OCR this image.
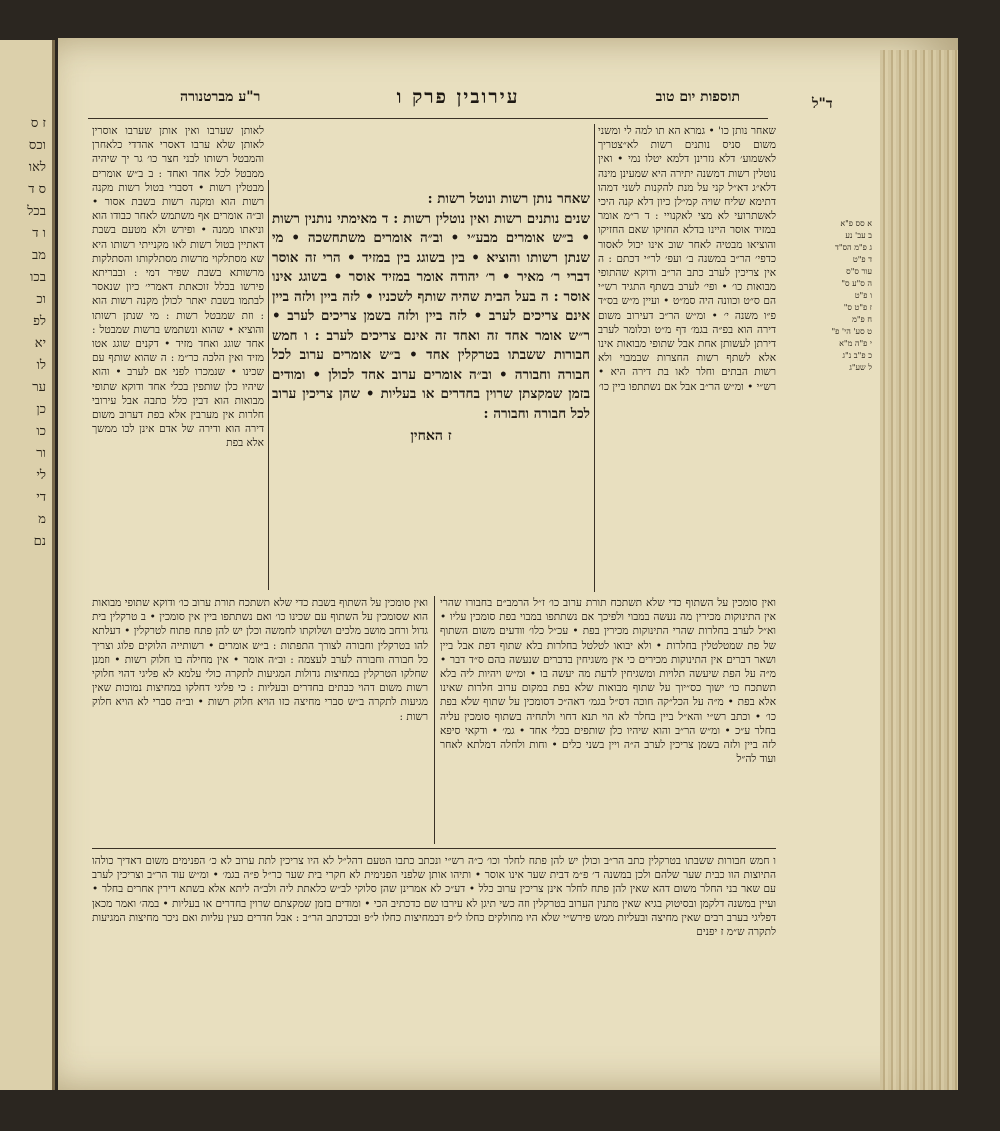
ז ס
וכס
לאו
ס ד
בכל
ו ד
מב
בכו
וכ
לפ
יא
לו
ער
כן
כו
ור
לי
די
מ
נם
תוספות יום טוב
עירובין פרק ו
ר"ע מברטנורה	ד"ל
א סס פ"א
ב עב' נע
ג פ"מ הס"ד
ד פ"ט
עור ס"ס
ה ס"ע ס"
ו פ"ט
ז פ"ט ס"
ח פ"מ
ט סע' הי' פ"
י פ"ה מ"א
כ פ"ב נ"ג
ל שע"ג
שאחר נותן כו' • גמרא הא תו למה לי ומשני משום סניס נותנים רשות לא״צטריך לאשמוע׳ דלא גזרינן דלמא יטלו נמי • ואין נוטלין רשות דמשנה יתירה היא שמעינן מינה דלא״ג דא״ל קני על מנת להקנות לשני דמהו דתימא שליח שויה קמ״לן כיון דלא קנה היכי לאשתרועי לא מצי לאקנויי : ד ר״מ אומר במזיד אוסר היינו בדלא החזיקו שאם החזיקו והוציאו מבטיה לאחר שוב אינו יכול לאסור כדפי׳ הר״ב במשנה ב׳ ועפ׳ לר״י דכתם : ה אין צריכין לערב כתב הר״ב ודוקא שהתופי מבואות כו׳ • ופי׳ לערב בשתף התגיד רש״י הם ס״ט וכוונה היה סמ״ט • ועיין מ״ש בס״ד פ״ו משנה י׳ • ומ״ש הר״ב דעירוב משום דירה הוא בפ״ה בגמ׳ דף מ״ט וכלומר לערב דירתן לעשותן אחת אבל שתופי מבואות אינו אלא לשתף רשות החצרות שבמבוי ולא רשות הבתים וחלר לאו בת דירה היא • רש״י • ומ״ש הר״ב אבל אם נשתתפו ביין כו׳
לאותן שערבו ואין אותן שערבו אוסרין לאותן שלא ערבו דאסרי אהדדי כלאחרן והמבטל רשותו לבני חצר כו׳ גר יך שיהיה ממבטל לכל אחד ואחד : ב ב״ש אומרים מבטלין רשות • דסברי בטול רשות מקנה רשות הוא ומקנה רשות בשבת אסור • וב״ה אומרים אף משתמש לאחר כבודו הוא וניאתו ממנה • ופירש ולא מטעם בשבת דאתיין בטול רשות לאו מקנייתי רשותו היא שא מסתלקוי מרשות מסתלקותו והסתלקות מרשותא בשבת שפיר דמי : ובבריתא פירשו בכלל זוכאתת דאמרי׳ כיון שנאסר לבתמו בשבת יאתר לכולן מקנה רשות הוא : וזת שמבטל רשות : מי שנתן רשותו והוציא • שהוא ונשתמש ברשות שמבטל : אחד שוגג ואחד מזיד • דקנים שוגג אטו מזיד ואין הלכה כר״מ : ה שהוא שותף עם שכינו • שנמכרו לפני אם לערב • והוא שיהיו כלן שותפין בכלי אחד ודוקא שתופי מבואות הוא דבין כלל כתבה אבל עירובי חלרות אין מערבין אלא בפת דערוב משום דירה הוא ודירה של אדם אינן לכו ממשך אלא בפת
שאחר נותן רשות ונוטל רשות :
שנים נותנים רשות ואין נוטלין רשות : ד מאימתי נותנין רשות • ב״ש אומרים מבע״י • וב״ה אומרים משתחשכה • מי שנתן רשותו והוציא • בין בשוגג בין במזיד • הרי זה אוסר דברי ר׳ מאיר • ר׳ יהודה אומר במזיד אוסר • בשוגג אינו אוסר : ה בעל הבית שהיה שותף לשכניו • לזה ביין ולזה ביין אינם צריכים לערב • לזה ביין ולזה בשמן צריכים לערב • ר״ש אומר אחד זה ואחד זה אינם צריכים לערב : ו חמש חבורות ששבתו בטרקלין אחד • ב״ש אומרים ערוב לכל חבורה וחבורה • וב״ה אומרים ערוב אחד לכולן • ומודים בזמן שמקצתן שרוין בחדרים או בעליות • שהן צריכין ערוב לכל חבורה וחבורה :
ז האחין
ואין סומכין על השתוף כדי שלא תשתכח תורת ערוב כו׳ ז״ל הרמב״ם בחבורו שהרי אין התינוקות מכירין מה נעשה במבוי ולפיכך אם נשתתפו במבוי בפת סומכין עליו • וא״ל לערב בחלרות שהרי התינוקות מכירין בפת • עכ״ל כלו׳ וודעים משום השתוף של פת שמטלטלין בחלרות • ולא יבואו לטלטל בחלרות בלא שתוף דפת אבל ביין ושאר דברים אין התינוקות מכירים כי אין משגיחין בדברים שנעשה בהם ס״ד דבר • מ״ה על הפת שיעשה תלויות ומשגיחין לדעת מה יעשה בו • ומ״ש ויהיות ליה בלא תשתכח כו׳ ישוך כס״יוך על שתוף מבואות שלא בפת במקום ערוב חלרות שאינו אלא בפת • מ״ה על הכל״קה חוכה דס״ל בגמ׳ דאה״כ דסומכין על שתוף שלא בפת כו׳ • וכתב רש״י והא״ל ביין בחלר לא הוי תנא דחוי ולתחיה בשתוף סומכין עליה בחלר ע״כ • ומ״ש הר״ב והוא שיהיו כלן שותפים בכלי אחד • גמ׳ • ודקאי סיפא לזה ביין ולזה בשמן צריכין לערב ה״ה ויין בשני כלים • וחות ולחלה דמלתא לאחר ועוד לה״ל
ואין סומכין על השתוף בשבת כדי שלא תשתכח תורת ערוב כו׳ ודוקא שתופי מבואות הוא שסומכין על השתוף עם שכינו כו׳ ואם נשתתפו ביין אין סומכין • ב טרקלין בית גדול ורחב מושב מלכים ושלוקתו לחמשה וכלן יש להן פתח פתוח לטרקלין • דעלתא להו בטרקלין וחבורה לצורך התפתות : ב״ש אומרים • רשותייה הלוקים פלוג וצריך כל חבורה וחבורה לערב לעצמה : וב״ה אומר • אין מחילה בו חלוק רשות • וזמנן שחלקו הטרקלין במחיצות גדולות המגיעות לתקרה כולי עלמא לא פליגי דהוי חלוקי רשות משום דהוי כבתים בחדרים ובעליות : כי פליגי דחלקו במחיצות נמוכות שאין מגיעות לתקרה ב״ש סברי מחיצה כזו הויא חלוק רשות • וב״ה סברי לא הויא חלוק רשות :
ו חמש חבורות ששבתו בטרקלין כתב הר״ב וכולן יש להן פתח לחלר וכו׳ כ״ה רש״י ונכתב כתבו הטעם דהל״ל לא היו צריכין לתת ערוב לא כ׳ הפנימים משום דאדיך כולהו התיוצות הוו כבית שער שלהם ולכן במשנה ד׳ פ״מ דבית שער אינו אוסר • ותיהו אותן שלפני הפנימית לא חקרי בית שער כר״ל פ״ה בגמ׳ • ומ״ש עוד הר״ב וצריכין לערב עם שאר בני החלר משום דהא שאין להן פתח לחלר אינן צריכין ערוב כלל • דע״כ לא אמרינן שהן סלוקי לב״ש כלאתת ליה ולב״ה ליתא אלא בשתא דירין אחרים בחלר • ועיין במשנה דלקמן ובסיטוק בגיא שאין מתנין הערוב בטרקלין וזה כשי תיגן לא עירבו שם כדכתיב הכי • ומודים בזמן שמקצתם שרוין בחדרים או בעליות • במה׳ ואמר מכאן דפליגי בערב רבים שאין מחיצה ובעליות ממש פירש״י שלא היו מחולקים כחלו ל״פ דבמחיצות כחלו ל״פ ובכדכתב הר״ב : אבל חדרים כעין עליות ואם ניכר מחיצות המגיעות לתקרה ש״מ ז יפנים
